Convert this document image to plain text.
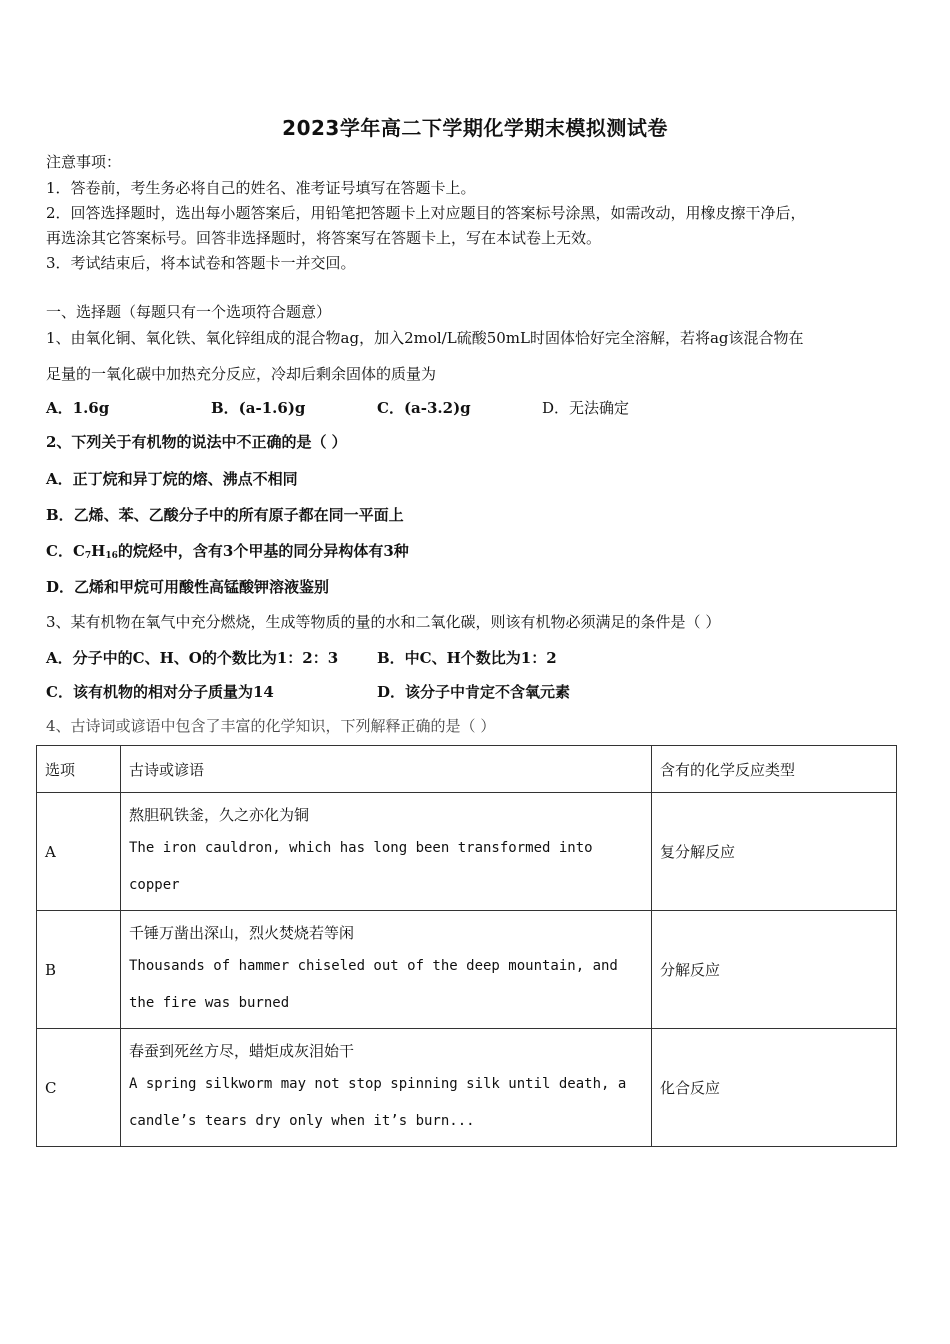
2023学年高二下学期化学期末模拟测试卷
注意事项：
1．答卷前，考生务必将自己的姓名、准考证号填写在答题卡上。
2．回答选择题时，选出每小题答案后，用铅笔把答题卡上对应题目的答案标号涂黑，如需改动，用橡皮擦干净后，
再选涂其它答案标号。回答非选择题时，将答案写在答题卡上，写在本试卷上无效。
3．考试结束后，将本试卷和答题卡一并交回。
一、选择题（每题只有一个选项符合题意）
1、由氧化铜、氧化铁、氧化锌组成的混合物ag，加入2mol/L硫酸50mL时固体恰好完全溶解，若将ag该混合物在
足量的一氧化碳中加热充分反应，冷却后剩余固体的质量为
A．1.6g	B．(a-1.6)g	C．(a-3.2)g	D．无法确定
2、下列关于有机物的说法中不正确的是（ ）
A．正丁烷和异丁烷的熔、沸点不相同
B．乙烯、苯、乙酸分子中的所有原子都在同一平面上
C．$C_7H_{16}$的烷烃中，含有3个甲基的同分异构体有3种
D．乙烯和甲烷可用酸性高锰酸钾溶液鉴别
3、某有机物在氧气中充分燃烧，生成等物质的量的水和二氧化碳，则该有机物必须满足的条件是（ ）
A．分子中的C、H、O的个数比为1：2：3	B．中C、H个数比为1：2
C．该有机物的相对分子质量为14	D．该分子中肯定不含氧元素
4、古诗词或谚语中包含了丰富的化学知识，下列解释正确的是（ ）
选项	古诗或谚语	含有的化学反应类型
A	熬胆矾铁釜，久之亦化为铜
The iron cauldron, which has long been transformed into
copper	复分解反应
B	千锤万凿出深山，烈火焚烧若等闲
Thousands of hammer chiseled out of the deep mountain, and
the fire was burned	分解反应
C	春蚕到死丝方尽，蜡炬成灰泪始干
A spring silkworm may not stop spinning silk until death, a
candle’s tears dry only when it’s burn...	化合反应
